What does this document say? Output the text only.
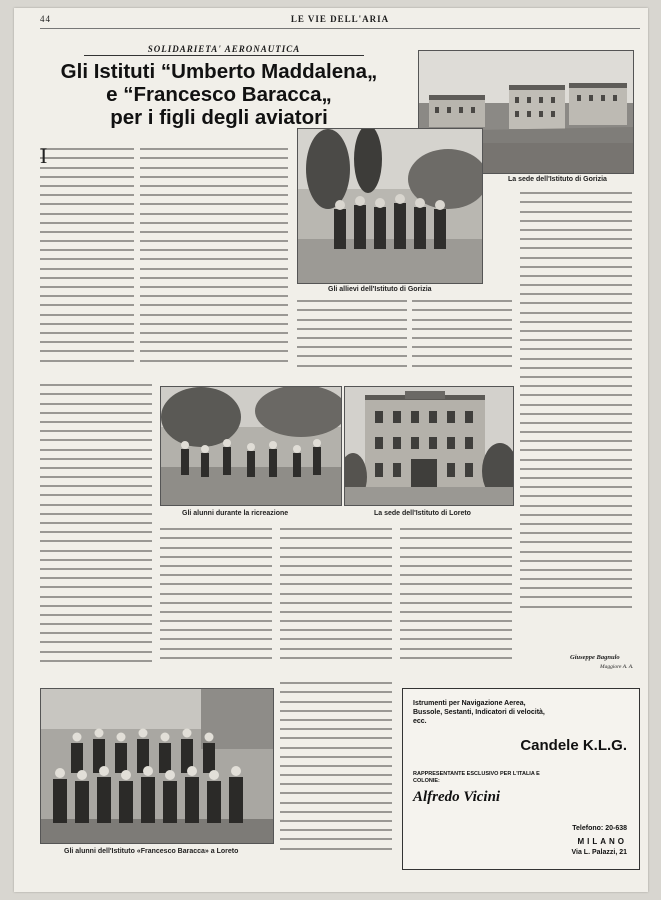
44	LE VIE DELL'ARIA
SOLIDARIETA' AERONAUTICA
Gli Istituti “Umberto Maddalena„
e “Francesco Baracca„
per i figli degli aviatori
La sede dell'Istituto di Gorizia
Gli allievi dell'Istituto di Gorizia
I
Gli alunni durante la ricreazione	La sede dell'Istituto di Loreto
Giuseppe Bagnulo
Maggiore A. A.
Gli alunni dell'Istituto «Francesco Baracca» a Loreto
Istrumenti per Navigazione Aerea, Bussole, Sestanti, Indicatori di velocità, ecc.
Candele K.L.G.
RAPPRESENTANTE ESCLUSIVO PER L'ITALIA E COLONIE:
Alfredo Vicini
Telefono: 20-638
MILANO
Via L. Palazzi, 21
